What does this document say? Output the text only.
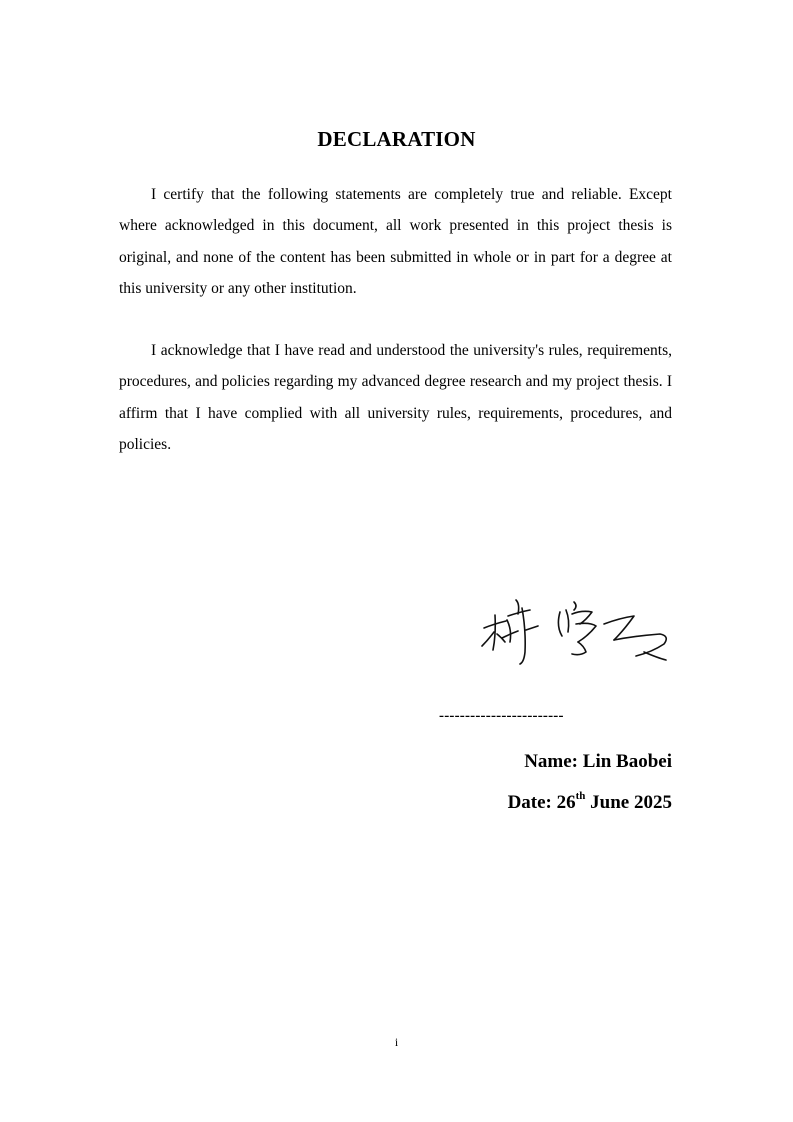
DECLARATION

I certify that the following statements are completely true and reliable. Except where acknowledged in this document, all work presented in this project thesis is original, and none of the content has been submitted in whole or in part for a degree at this university or any other institution.

I acknowledge that I have read and understood the university's rules, requirements, procedures, and policies regarding my advanced degree research and my project thesis. I affirm that I have complied with all university rules, requirements, procedures, and policies.

------------------------
Name: Lin Baobei
Date: 26th June 2025
i
